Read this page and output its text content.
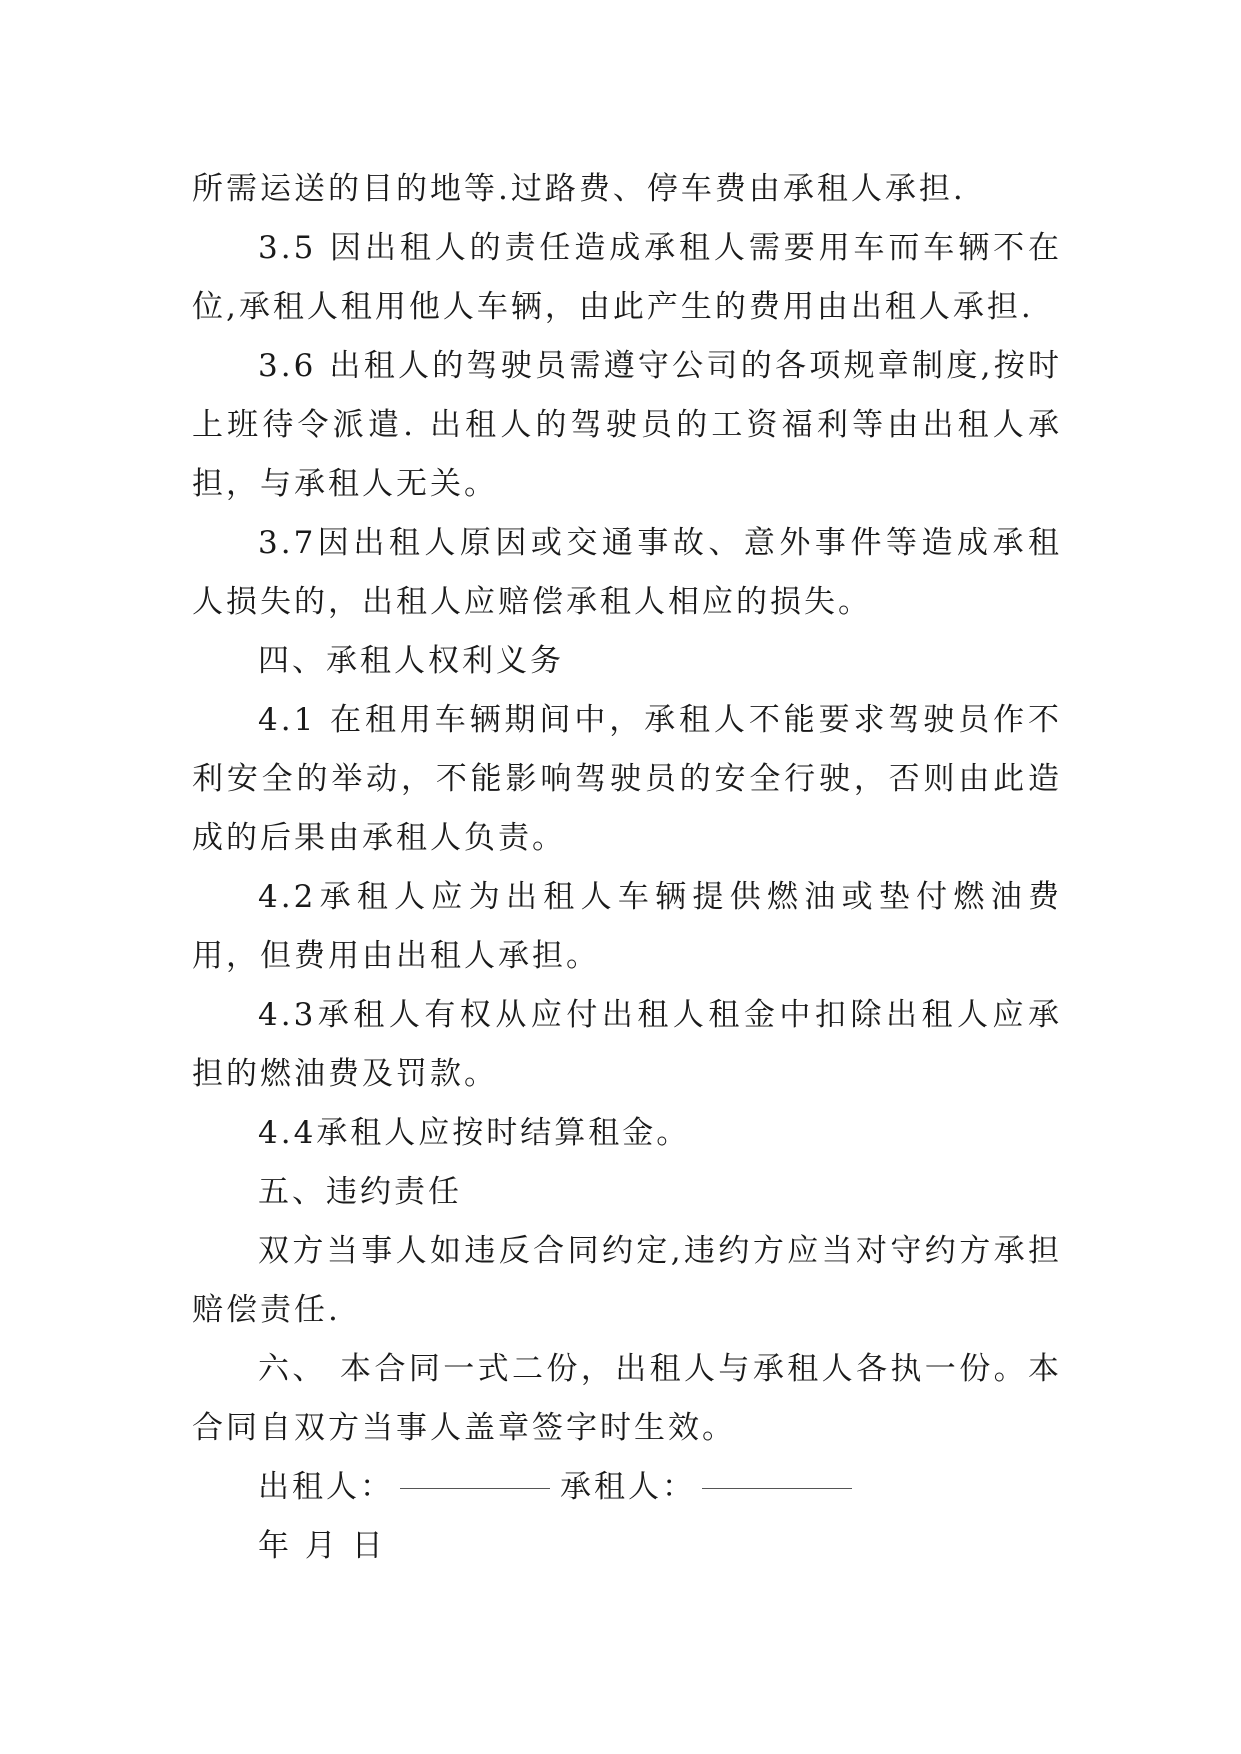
所需运送的目的地等.过路费、停车费由承租人承担.

3.5 因出租人的责任造成承租人需要用车而车辆不在位,承租人租用他人车辆，由此产生的费用由出租人承担.

3.6 出租人的驾驶员需遵守公司的各项规章制度,按时上班待令派遣. 出租人的驾驶员的工资福利等由出租人承担，与承租人无关。

3.7因出租人原因或交通事故、意外事件等造成承租人损失的，出租人应赔偿承租人相应的损失。

四、承租人权利义务

4.1 在租用车辆期间中，承租人不能要求驾驶员作不利安全的举动，不能影响驾驶员的安全行驶，否则由此造成的后果由承租人负责。

4.2承租人应为出租人车辆提供燃油或垫付燃油费用，但费用由出租人承担。

4.3承租人有权从应付出租人租金中扣除出租人应承担的燃油费及罚款。

4.4承租人应按时结算租金。

五、违约责任

双方当事人如违反合同约定,违约方应当对守约方承担赔偿责任.

六、 本合同一式二份，出租人与承租人各执一份。本合同自双方当事人盖章签字时生效。

出租人：	承租人：

年 月 日
